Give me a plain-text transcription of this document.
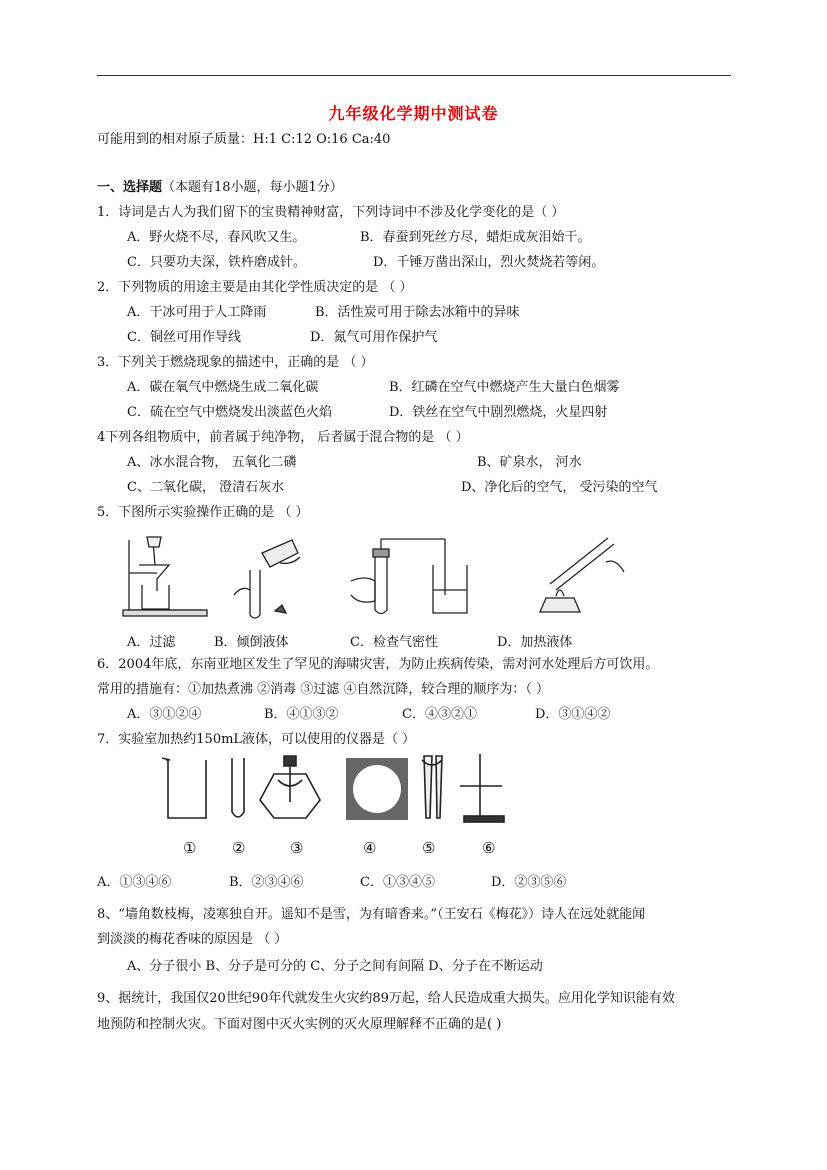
九年级化学期中测试卷
可能用到的相对原子质量：H:1 C:12 O:16 Ca:40
一、选择题（本题有18小题，每小题1分）
1．诗词是古人为我们留下的宝贵精神财富，下列诗词中不涉及化学变化的是（ ）
A．野火烧不尽，春风吹又生。	B．春蚕到死丝方尽，蜡炬成灰泪始干。
C．只要功夫深，铁杵磨成针。	D．千锤万凿出深山，烈火焚烧若等闲。
2．下列物质的用途主要是由其化学性质决定的是 （ ）
A．干冰可用于人工降雨	B．活性炭可用于除去冰箱中的异味
C．铜丝可用作导线	D．氮气可用作保护气
3．下列关于燃烧现象的描述中，正确的是 （ ）
A．碳在氧气中燃烧生成二氧化碳	B．红磷在空气中燃烧产生大量白色烟雾
C．硫在空气中燃烧发出淡蓝色火焰	D．铁丝在空气中剧烈燃烧，火星四射
4下列各组物质中，前者属于纯净物， 后者属于混合物的是 （ ）
A、冰水混合物， 五氧化二磷	B、矿泉水， 河水
C、二氧化碳， 澄清石灰水	D、净化后的空气， 受污染的空气
5．下图所示实验操作正确的是 （ ）
A．过滤	B．倾倒液体	C．检查气密性	D．加热液体
6．2004年底，东南亚地区发生了罕见的海啸灾害，为防止疾病传染，需对河水处理后方可饮用。
常用的措施有：①加热煮沸 ②消毒 ③过滤 ④自然沉降，较合理的顺序为：（ ）
A．③①②④	B．④①③②	C．④③②①	D．③①④②
7．实验室加热约150mL液体，可以使用的仪器是（ ）
① ②	③	④	⑤	⑥
A．①③④⑥	B．②③④⑥	C．①③④⑤	D．②③⑤⑥
8、“墙角数枝梅，凌寒独自开。遥知不是雪，为有暗香来。”（王安石《梅花》）诗人在远处就能闻
到淡淡的梅花香味的原因是 （ ）
A、分子很小 B、分子是可分的 C、分子之间有间隔 D、分子在不断运动
9、据统计，我国仅20世纪90年代就发生火灾约89万起，给人民造成重大损失。应用化学知识能有效
地预防和控制火灾。下面对图中灭火实例的灭火原理解释不正确的是( )
